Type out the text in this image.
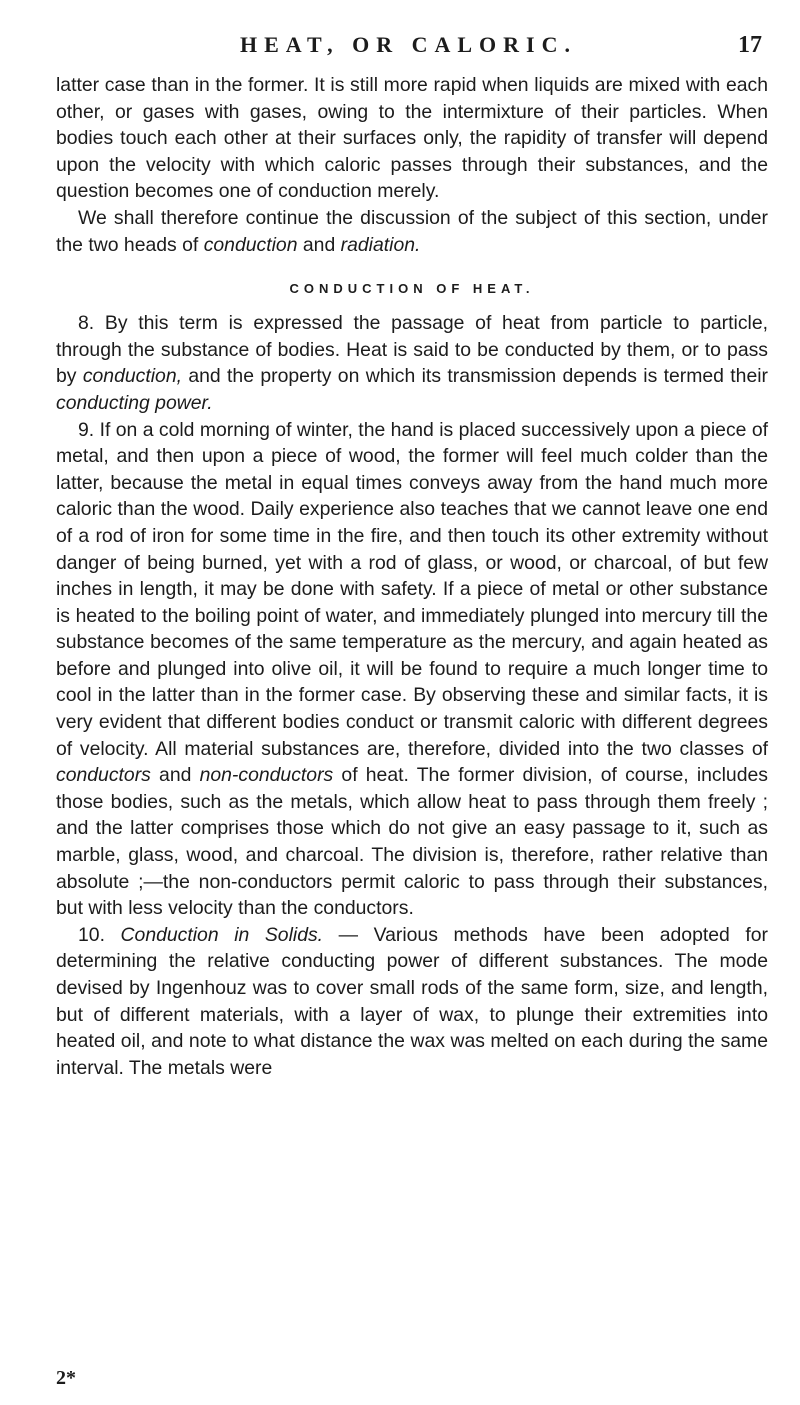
HEAT, OR CALORIC.	17

latter case than in the former. It is still more rapid when liquids are mixed with each other, or gases with gases, owing to the intermixture of their particles. When bodies touch each other at their surfaces only, the rapidity of transfer will depend upon the velocity with which caloric passes through their substances, and the question becomes one of conduction merely.

We shall therefore continue the discussion of the subject of this section, under the two heads of conduction and radiation.

CONDUCTION OF HEAT.

8. By this term is expressed the passage of heat from particle to particle, through the substance of bodies. Heat is said to be conducted by them, or to pass by conduction, and the property on which its transmission depends is termed their conducting power.

9. If on a cold morning of winter, the hand is placed successively upon a piece of metal, and then upon a piece of wood, the former will feel much colder than the latter, because the metal in equal times conveys away from the hand much more caloric than the wood. Daily experience also teaches that we cannot leave one end of a rod of iron for some time in the fire, and then touch its other extremity without danger of being burned, yet with a rod of glass, or wood, or charcoal, of but few inches in length, it may be done with safety. If a piece of metal or other substance is heated to the boiling point of water, and immediately plunged into mercury till the substance becomes of the same temperature as the mercury, and again heated as before and plunged into olive oil, it will be found to require a much longer time to cool in the latter than in the former case. By observing these and similar facts, it is very evident that different bodies conduct or transmit caloric with different degrees of velocity. All material substances are, therefore, divided into the two classes of conductors and non-conductors of heat. The former division, of course, includes those bodies, such as the metals, which allow heat to pass through them freely ; and the latter comprises those which do not give an easy passage to it, such as marble, glass, wood, and charcoal. The division is, therefore, rather relative than absolute ;—the non-conductors permit caloric to pass through their substances, but with less velocity than the conductors.

10. Conduction in Solids. — Various methods have been adopted for determining the relative conducting power of different substances. The mode devised by Ingenhouz was to cover small rods of the same form, size, and length, but of different materials, with a layer of wax, to plunge their extremities into heated oil, and note to what distance the wax was melted on each during the same interval. The metals were

2*
